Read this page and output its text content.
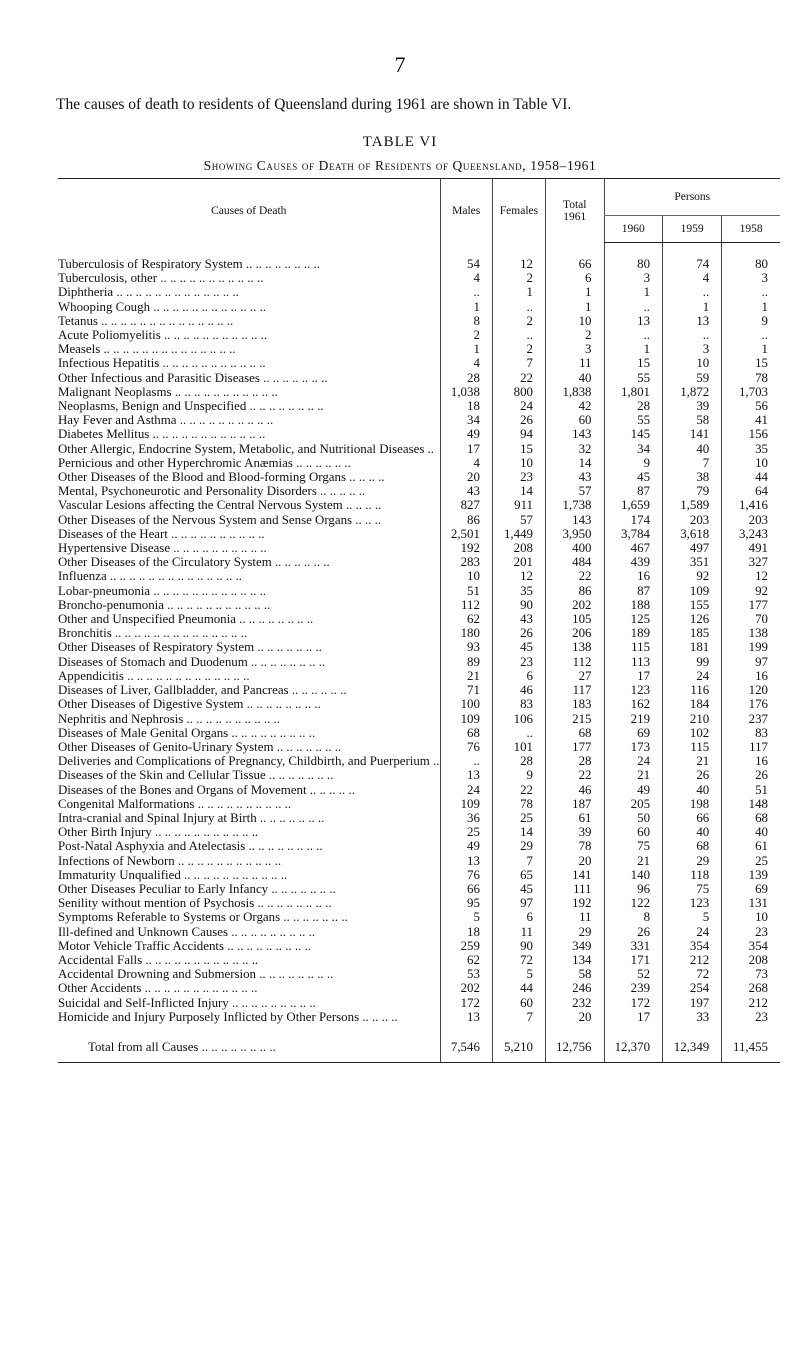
7
The causes of death to residents of Queensland during 1961 are shown in Table VI.
TABLE VI
Showing Causes of Death of Residents of Queensland, 1958–1961
Causes of Death	Males	Females	Total
1961	Persons		
				1960	1959	1958

Tuberculosis of Respiratory System .. .. .. .. .. .. .. ..	54	12	66	80	74	80
Tuberculosis, other .. .. .. .. .. .. .. .. .. .. ..	4	2	6	3	4	3
Diphtheria .. .. .. .. .. .. .. .. .. .. .. .. ..	..	1	1	1	..	..
Whooping Cough .. .. .. .. .. .. .. .. .. .. .. ..	1	..	1	..	1	1
Tetanus .. .. .. .. .. .. .. .. .. .. .. .. .. ..	8	2	10	13	13	9
Acute Poliomyelitis .. .. .. .. .. .. .. .. .. .. ..	2	..	2	..	..	..
Measels .. .. .. .. .. .. .. .. .. .. .. .. .. ..	1	2	3	1	3	1
Infectious Hepatitis .. .. .. .. .. .. .. .. .. .. ..	4	7	11	15	10	15
Other Infectious and Parasitic Diseases .. .. .. .. .. .. ..	28	22	40	55	59	78
Malignant Neoplasms .. .. .. .. .. .. .. .. .. .. ..	1,038	800	1,838	1,801	1,872	1,703
Neoplasms, Benign and Unspecified .. .. .. .. .. .. .. ..	18	24	42	28	39	56
Hay Fever and Asthma .. .. .. .. .. .. .. .. .. ..	34	26	60	55	58	41
Diabetes Mellitus .. .. .. .. .. .. .. .. .. .. .. ..	49	94	143	145	141	156
Other Allergic, Endocrine System, Metabolic, and Nutritional Diseases ..	17	15	32	34	40	35
Pernicious and other Hyperchromic Anæmias .. .. .. .. .. ..	4	10	14	9	7	10
Other Diseases of the Blood and Blood-forming Organs .. .. .. ..	20	23	43	45	38	44
Mental, Psychoneurotic and Personality Disorders .. .. .. .. ..	43	14	57	87	79	64
Vascular Lesions affecting the Central Nervous System .. .. .. ..	827	911	1,738	1,659	1,589	1,416
Other Diseases of the Nervous System and Sense Organs .. .. ..	86	57	143	174	203	203
Diseases of the Heart .. .. .. .. .. .. .. .. .. ..	2,501	1,449	3,950	3,784	3,618	3,243
Hypertensive Disease .. .. .. .. .. .. .. .. .. ..	192	208	400	467	497	491
Other Diseases of the Circulatory System .. .. .. .. .. ..	283	201	484	439	351	327
Influenza .. .. .. .. .. .. .. .. .. .. .. .. .. ..	10	12	22	16	92	12
Lobar-pneumonia .. .. .. .. .. .. .. .. .. .. .. ..	51	35	86	87	109	92
Broncho-penumonia .. .. .. .. .. .. .. .. .. .. ..	112	90	202	188	155	177
Other and Unspecified Pneumonia .. .. .. .. .. .. .. ..	62	43	105	125	126	70
Bronchitis .. .. .. .. .. .. .. .. .. .. .. .. .. ..	180	26	206	189	185	138
Other Diseases of Respiratory System .. .. .. .. .. .. ..	93	45	138	115	181	199
Diseases of Stomach and Duodenum .. .. .. .. .. .. .. ..	89	23	112	113	99	97
Appendicitis .. .. .. .. .. .. .. .. .. .. .. .. ..	21	6	27	17	24	16
Diseases of Liver, Gallbladder, and Pancreas .. .. .. .. .. ..	71	46	117	123	116	120
Other Diseases of Digestive System .. .. .. .. .. .. .. ..	100	83	183	162	184	176
Nephritis and Nephrosis .. .. .. .. .. .. .. .. .. ..	109	106	215	219	210	237
Diseases of Male Genital Organs .. .. .. .. .. .. .. .. ..	68	..	68	69	102	83
Other Diseases of Genito-Urinary System .. .. .. .. .. .. ..	76	101	177	173	115	117
Deliveries and Complications of Pregnancy, Childbirth, and Puerperium ..	..	28	28	24	21	16
Diseases of the Skin and Cellular Tissue .. .. .. .. .. .. ..	13	9	22	21	26	26
Diseases of the Bones and Organs of Movement .. .. .. .. ..	24	22	46	49	40	51
Congenital Malformations .. .. .. .. .. .. .. .. .. ..	109	78	187	205	198	148
Intra-cranial and Spinal Injury at Birth .. .. .. .. .. .. ..	36	25	61	50	66	68
Other Birth Injury .. .. .. .. .. .. .. .. .. .. ..	25	14	39	60	40	40
Post-Natal Asphyxia and Atelectasis .. .. .. .. .. .. .. ..	49	29	78	75	68	61
Infections of Newborn .. .. .. .. .. .. .. .. .. .. ..	13	7	20	21	29	25
Immaturity Unqualified .. .. .. .. .. .. .. .. .. .. ..	76	65	141	140	118	139
Other Diseases Peculiar to Early Infancy .. .. .. .. .. .. ..	66	45	111	96	75	69
Senility without mention of Psychosis .. .. .. .. .. .. .. ..	95	97	192	122	123	131
Symptoms Referable to Systems or Organs .. .. .. .. .. .. ..	5	6	11	8	5	10
Ill-defined and Unknown Causes .. .. .. .. .. .. .. .. ..	18	11	29	26	24	23
Motor Vehicle Traffic Accidents .. .. .. .. .. .. .. .. ..	259	90	349	331	354	354
Accidental Falls .. .. .. .. .. .. .. .. .. .. .. ..	62	72	134	171	212	208
Accidental Drowning and Submersion .. .. .. .. .. .. .. ..	53	5	58	52	72	73
Other Accidents .. .. .. .. .. .. .. .. .. .. .. ..	202	44	246	239	254	268
Suicidal and Self-Inflicted Injury .. .. .. .. .. .. .. .. ..	172	60	232	172	197	212
Homicide and Injury Purposely Inflicted by Other Persons .. .. .. ..	13	7	20	17	33	23

Total from all Causes .. .. .. .. .. .. .. ..	7,546	5,210	12,756	12,370	12,349	11,455
